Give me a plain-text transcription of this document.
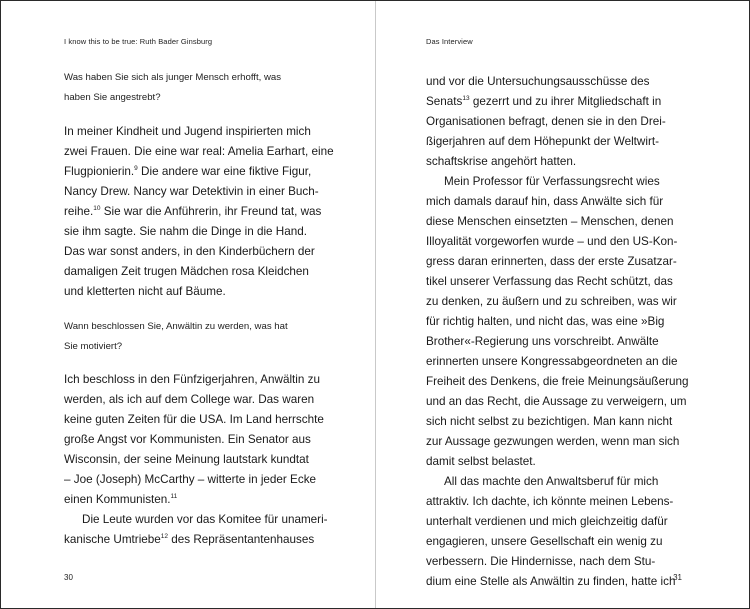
I know this to be true: Ruth Bader Ginsburg

Was haben Sie sich als junger Mensch erhofft, was
haben Sie angestrebt?

In meiner Kindheit und Jugend inspirierten mich
zwei Frauen. Die eine war real: Amelia Earhart, eine
Flugpionierin.$^9$ Die andere war eine fiktive Figur,
Nancy Drew. Nancy war Detektivin in einer Buch-
reihe.$^{10}$ Sie war die Anführerin, ihr Freund tat, was
sie ihm sagte. Sie nahm die Dinge in die Hand.
Das war sonst anders, in den Kinderbüchern der
damaligen Zeit trugen Mädchen rosa Kleidchen
und kletterten nicht auf Bäume.

Wann beschlossen Sie, Anwältin zu werden, was hat
Sie motiviert?

Ich beschloss in den Fünfzigerjahren, Anwältin zu
werden, als ich auf dem College war. Das waren
keine guten Zeiten für die USA. Im Land herrschte
große Angst vor Kommunisten. Ein Senator aus
Wisconsin, der seine Meinung lautstark kundtat
– Joe (Joseph) McCarthy – witterte in jeder Ecke
einen Kommunisten.$^{11}$

Die Leute wurden vor das Komitee für unameri-

kanische Umtriebe$^{12}$ des Repräsentantenhauses

30
Das Interview

und vor die Untersuchungsausschüsse des
Senats$^{13}$ gezerrt und zu ihrer Mitgliedschaft in
Organisationen befragt, denen sie in den Drei-
ßigerjahren auf dem Höhepunkt der Weltwirt-
schaftskrise angehört hatten.

Mein Professor für Verfassungsrecht wies

mich damals darauf hin, dass Anwälte sich für
diese Menschen einsetzten – Menschen, denen
Illoyalität vorgeworfen wurde – und den US-Kon-
gress daran erinnerten, dass der erste Zusatzar-
tikel unserer Verfassung das Recht schützt, das
zu denken, zu äußern und zu schreiben, was wir
für richtig halten, und nicht das, was eine »Big
Brother«-Regierung uns vorschreibt. Anwälte
erinnerten unsere Kongressabgeordneten an die
Freiheit des Denkens, die freie Meinungsäußerung
und an das Recht, die Aussage zu verweigern, um
sich nicht selbst zu bezichtigen. Man kann nicht
zur Aussage gezwungen werden, wenn man sich
damit selbst belastet.

All das machte den Anwaltsberuf für mich

attraktiv. Ich dachte, ich könnte meinen Lebens-
unterhalt verdienen und mich gleichzeitig dafür
engagieren, unsere Gesellschaft ein wenig zu
verbessern. Die Hindernisse, nach dem Stu-
dium eine Stelle als Anwältin zu finden, hatte ich

31
